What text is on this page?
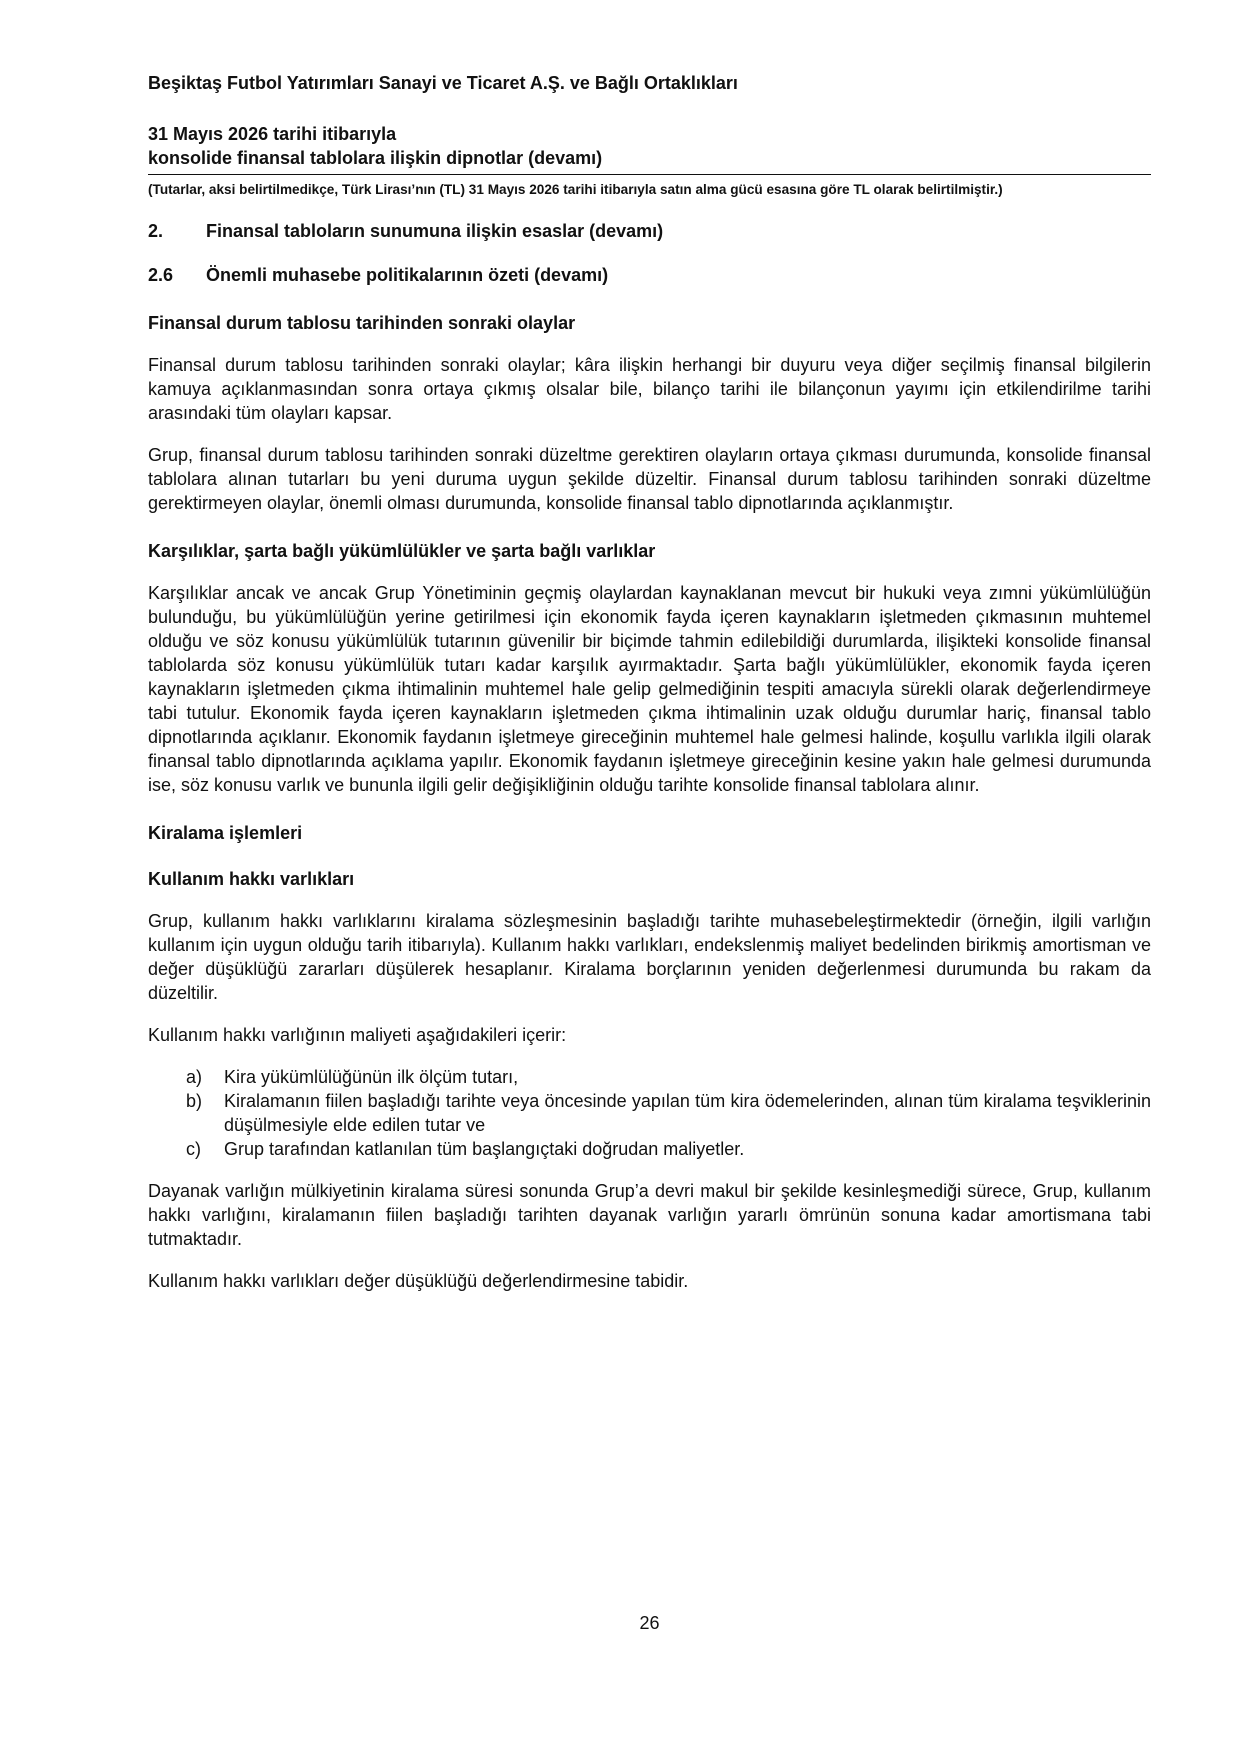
Beşiktaş Futbol Yatırımları Sanayi ve Ticaret A.Ş. ve Bağlı Ortaklıkları
31 Mayıs 2026 tarihi itibarıyla
konsolide finansal tablolara ilişkin dipnotlar (devamı)
(Tutarlar, aksi belirtilmedikçe, Türk Lirası’nın (TL) 31 Mayıs 2026 tarihi itibarıyla satın alma gücü esasına göre TL olarak belirtilmiştir.)
2.	Finansal tabloların sunumuna ilişkin esaslar (devamı)
2.6	Önemli muhasebe politikalarının özeti (devamı)
Finansal durum tablosu tarihinden sonraki olaylar

Finansal durum tablosu tarihinden sonraki olaylar; kâra ilişkin herhangi bir duyuru veya diğer seçilmiş finansal bilgilerin kamuya açıklanmasından sonra ortaya çıkmış olsalar bile, bilanço tarihi ile bilançonun yayımı için etkilendirilme tarihi arasındaki tüm olayları kapsar.

Grup, finansal durum tablosu tarihinden sonraki düzeltme gerektiren olayların ortaya çıkması durumunda, konsolide finansal tablolara alınan tutarları bu yeni duruma uygun şekilde düzeltir. Finansal durum tablosu tarihinden sonraki düzeltme gerektirmeyen olaylar, önemli olması durumunda, konsolide finansal tablo dipnotlarında açıklanmıştır.

Karşılıklar, şarta bağlı yükümlülükler ve şarta bağlı varlıklar

Karşılıklar ancak ve ancak Grup Yönetiminin geçmiş olaylardan kaynaklanan mevcut bir hukuki veya zımni yükümlülüğün bulunduğu, bu yükümlülüğün yerine getirilmesi için ekonomik fayda içeren kaynakların işletmeden çıkmasının muhtemel olduğu ve söz konusu yükümlülük tutarının güvenilir bir biçimde tahmin edilebildiği durumlarda, ilişikteki konsolide finansal tablolarda söz konusu yükümlülük tutarı kadar karşılık ayırmaktadır. Şarta bağlı yükümlülükler, ekonomik fayda içeren kaynakların işletmeden çıkma ihtimalinin muhtemel hale gelip gelmediğinin tespiti amacıyla sürekli olarak değerlendirmeye tabi tutulur. Ekonomik fayda içeren kaynakların işletmeden çıkma ihtimalinin uzak olduğu durumlar hariç, finansal tablo dipnotlarında açıklanır. Ekonomik faydanın işletmeye gireceğinin muhtemel hale gelmesi halinde, koşullu varlıkla ilgili olarak finansal tablo dipnotlarında açıklama yapılır. Ekonomik faydanın işletmeye gireceğinin kesine yakın hale gelmesi durumunda ise, söz konusu varlık ve bununla ilgili gelir değişikliğinin olduğu tarihte konsolide finansal tablolara alınır.

Kiralama işlemleri
Kullanım hakkı varlıkları

Grup, kullanım hakkı varlıklarını kiralama sözleşmesinin başladığı tarihte muhasebeleştirmektedir (örneğin, ilgili varlığın kullanım için uygun olduğu tarih itibarıyla). Kullanım hakkı varlıkları, endekslenmiş maliyet bedelinden birikmiş amortisman ve değer düşüklüğü zararları düşülerek hesaplanır. Kiralama borçlarının yeniden değerlenmesi durumunda bu rakam da düzeltilir.

Kullanım hakkı varlığının maliyeti aşağıdakileri içerir:

a)	Kira yükümlülüğünün ilk ölçüm tutarı,
b)	Kiralamanın fiilen başladığı tarihte veya öncesinde yapılan tüm kira ödemelerinden, alınan tüm kiralama teşviklerinin düşülmesiyle elde edilen tutar ve
c)	Grup tarafından katlanılan tüm başlangıçtaki doğrudan maliyetler.

Dayanak varlığın mülkiyetinin kiralama süresi sonunda Grup’a devri makul bir şekilde kesinleşmediği sürece, Grup, kullanım hakkı varlığını, kiralamanın fiilen başladığı tarihten dayanak varlığın yararlı ömrünün sonuna kadar amortismana tabi tutmaktadır.

Kullanım hakkı varlıkları değer düşüklüğü değerlendirmesine tabidir.

26
